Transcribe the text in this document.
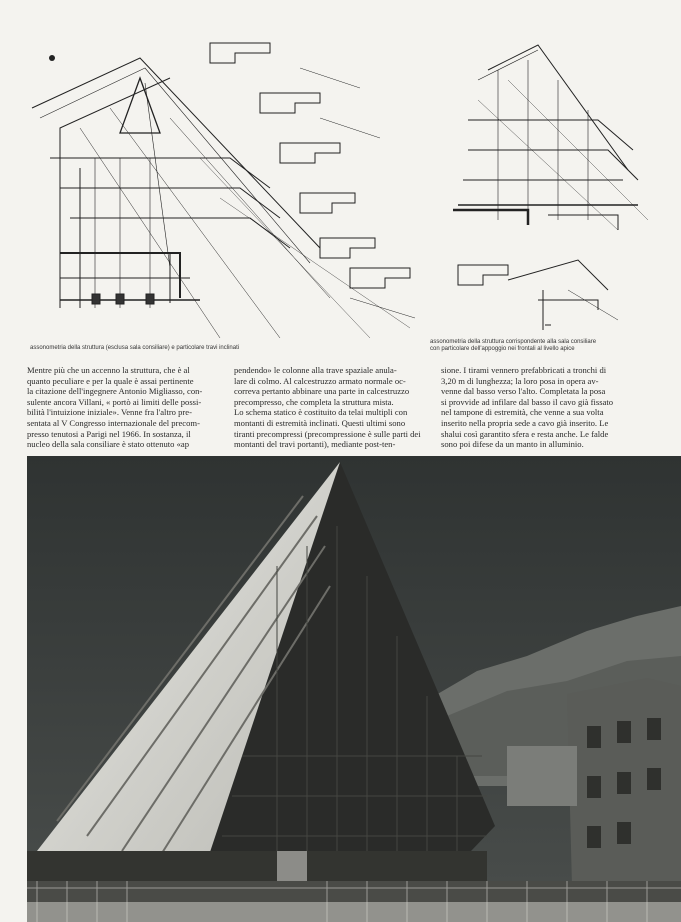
assonometria della struttura (esclusa sala consiliare) e particolare travi inclinati
assonometria della struttura corrispondente alla sala consiliare
con particolare dell'appoggio nei frontali al livello apice
Mentre più che un accenno la struttura, che è al
quanto peculiare e per la quale è assai pertinente
la citazione dell'ingegnere Antonio Migliasso, con-
sulente ancora Villani, « portò ai limiti delle possi-
bilità l'intuizione iniziale». Venne fra l'altro pre-
sentata al V Congresso internazionale del precom-
presso tenutosi a Parigi nel 1966. In sostanza, il
nucleo della sala consiliare è stato ottenuto «ap
pendendo» le colonne alla trave spaziale anula-
lare di colmo. Al calcestruzzo armato normale oc-
correva pertanto abbinare una parte in calcestruzzo
precompresso, che completa la struttura mista.
Lo schema statico è costituito da telai multipli con
montanti di estremità inclinati. Questi ultimi sono
tiranti precompressi (precompressione è sulle parti dei
montanti del travi portanti), mediante post-ten-
sione. I tirami vennero prefabbricati a tronchi di
3,20 m di lunghezza; la loro posa in opera av-
venne dal basso verso l'alto. Completata la posa
si provvide ad infilare dal basso il cavo già fissato
nel tampone di estremità, che venne a sua volta
inserito nella propria sede a cavo già inserito. Le
shalui così garantito sfera e resta anche. Le falde
sono poi difese da un manto in alluminio.
